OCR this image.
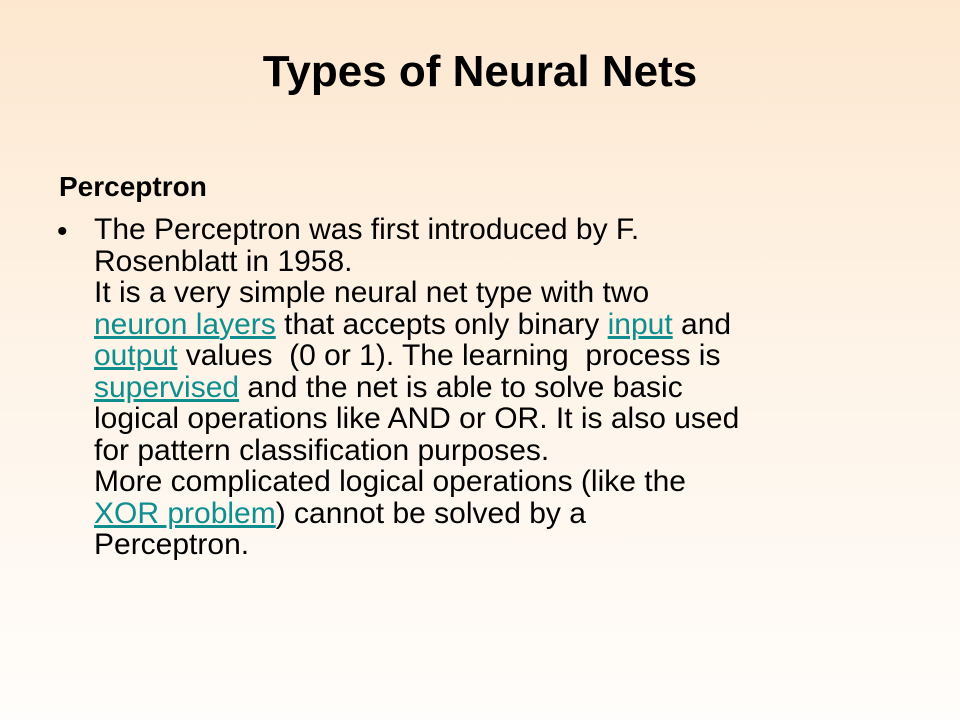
Types of Neural Nets
Perceptron
• The Perceptron was first introduced by F.
Rosenblatt in 1958.
It is a very simple neural net type with two
neuron layers that accepts only binary input and
output values  (0 or 1). The learning  process is
supervised and the net is able to solve basic
logical operations like AND or OR. It is also used
for pattern classification purposes.
More complicated logical operations (like the
XOR problem) cannot be solved by a
Perceptron.
